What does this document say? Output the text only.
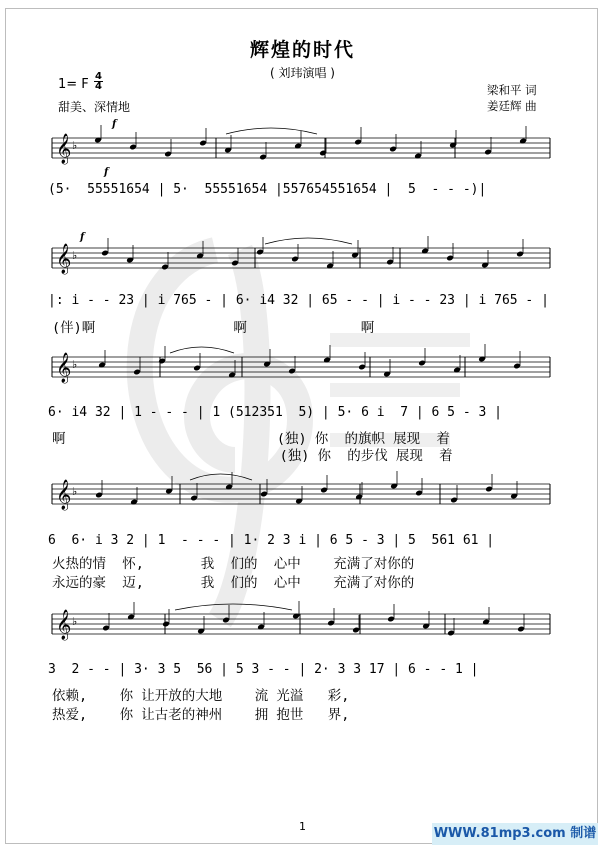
𝄞 ♭
𝄞 ♭
𝄞 ♭
𝄞 ♭
𝄞 ♭
辉煌的时代
( 刘玮演唱 )
1= F
4
4
甜美、深情地
梁和平 词
姜廷辉 曲
f
f
f
(5·  55551654 | 5·  55551654 |557654551654 |  5  - - -)|
|: i - - 23 | i 765 - | 6· i4 32 | 65 - - | i - - 23 | i 765 - |
(伴)啊                 啊              啊
6· i4 32 | 1 - - - | 1 (512351  5) | 5· 6 i  7 | 6 5 - 3 |
啊                          (独) 你  的旗帜 展现  着
(独) 你  的步伐 展现  着
6  6· i 3 2 | 1  - - - | 1· 2 3 i | 6 5 - 3 | 5  561 61 |
火热的情  怀,       我  们的  心中    充满了对你的
永远的豪  迈,       我  们的  心中    充满了对你的
3  2 - - | 3· 3 5  56 | 5 3 - - | 2· 3 3 17 | 6 - - 1 |
依赖,    你 让开放的大地    流 光溢   彩,
热爱,    你 让古老的神州    拥 抱世   界,
1	WWW.81mp3.com 制谱
